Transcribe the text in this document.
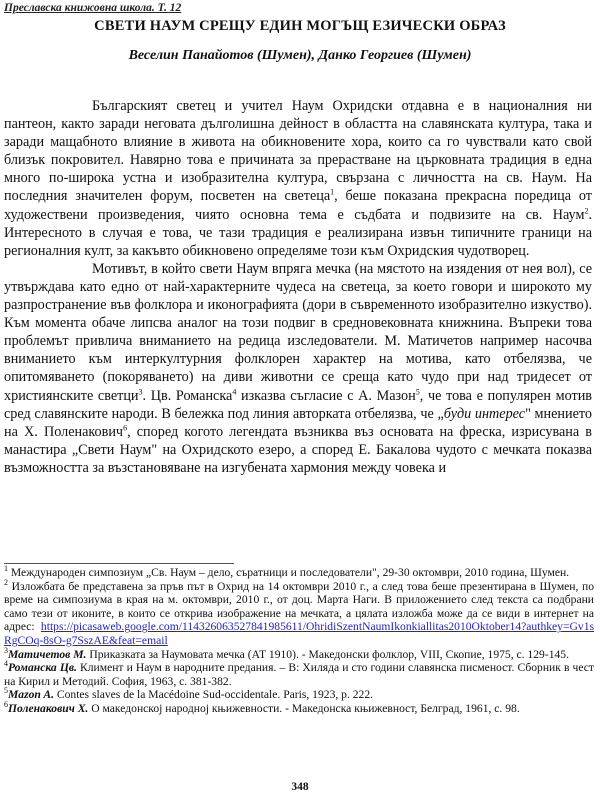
Преславска книжовна школа. Т. 12
СВЕТИ НАУМ СРЕЩУ ЕДИН МОГЪЩ ЕЗИЧЕСКИ ОБРАЗ
Веселин Панайотов (Шумен), Данко Георгиев (Шумен)

Българският светец и учител Наум Охридски отдавна е в националния ни пантеон, както заради неговата дълголишна дейност в областта на славянската култура, така и заради мащабното влияние в живота на обикновените хора, които са го чувствали като свой близък покровител. Навярно това е причината за прерастване на църковната традиция в една много по-широка устна и изобразителна култура, свързана с личността на св. Наум. На последния значителен форум, посветен на светеца$^1$, беше показана прекрасна поредица от художествени произведения, чиято основна тема е съдбата и подвизите на св. Наум$^2$. Интересното в случая е това, че тази традиция е реализирана извън типичните граници на регионалния култ, за какъвто обикновено определяме този към Охридския чудотворец.

Мотивът, в който свети Наум впряга мечка (на мястото на изядения от нея вол), се утвърждава като едно от най-характерните чудеса на светеца, за което говори и широкото му разпространение във фолклора и иконографията (дори в съвременното изобразително изкуство). Към момента обаче липсва аналог на този подвиг в средновековната книжнина. Въпреки това проблемът привлича вниманието на редица изследователи. М. Матичетов например насочва вниманието към интеркултурния фолклорен характер на мотива, като отбелязва, че опитомяването (покоряването) на диви животни се среща като чудо при над тридесет от християнските светци$^3$. Цв. Романска$^4$ изказва съгласие с А. Мазон$^5$, че това е популярен мотив сред славянските народи. В бележка под линия авторката отбелязва, че „буди интерес" мнението на Х. Поленакович$^6$, според когото легендата възниква въз основата на фреска, изрисувана в манастира „Свети Наум" на Охридското езеро, а според Е. Бакалова чудото с мечката показва възможността за възстановяване на изгубената хармония между човека и

$^1$ Международен симпозиум „Св. Наум – дело, съратници и последователи", 29-30 октомври, 2010 година, Шумен.

$^2$ Изложбата бе представена за пръв път в Охрид на 14 октомври 2010 г., а след това беше презентирана в Шумен, по време на симпозиума в края на м. октомври, 2010 г., от доц. Марта Наги. В приложението след текста са подбрани само тези от иконите, в които се открива изображение на мечката, а цялата изложба може да се види в интернет на адрес: https://picasaweb.google.com/114326063527841985611/OhridiSzentNaumIkonkiallitas2010Oktober14?authkey=Gv1sRgCOq-8sO-g7SszAE&feat=email

$^3$Матичетов М. Приказката за Наумовата мечка (АТ 1910). - Македонски фолклор, VIII, Скопие, 1975, с. 129-145.

$^4$Романска Цв. Климент и Наум в народните предания. – В: Хиляда и сто години славянска писменост. Сборник в чест на Кирил и Методий. София, 1963, с. 381-382.

$^5$Mazon A. Contes slaves de la Macédoine Sud-occidentale. Paris, 1923, p. 222.

$^6$Поленакович Х. О македонској народној књижевности. - Македонска књижевност, Белград, 1961, с. 98.

348
